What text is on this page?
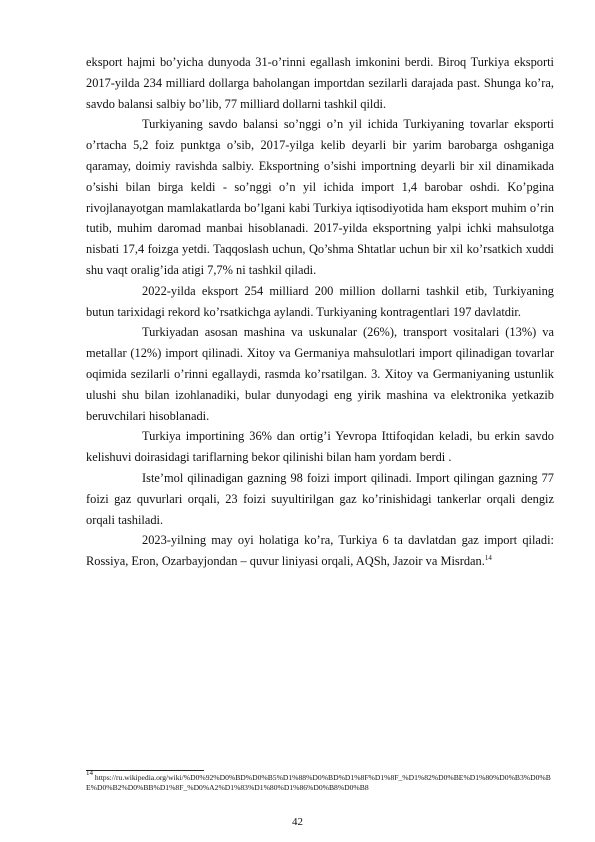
eksport hajmi bo’yicha dunyoda 31-o’rinni egallash imkonini berdi. Biroq Turkiya eksporti 2017-yilda 234 milliard dollarga baholangan importdan sezilarli darajada past. Shunga ko’ra, savdo balansi salbiy bo’lib, 77 milliard dollarni tashkil qildi.

Turkiyaning savdo balansi so’nggi o’n yil ichida Turkiyaning tovarlar eksporti o’rtacha 5,2 foiz punktga o’sib, 2017-yilga kelib deyarli bir yarim barobarga oshganiga qaramay, doimiy ravishda salbiy. Eksportning o’sishi importning deyarli bir xil dinamikada o’sishi bilan birga keldi - so’nggi o’n yil ichida import 1,4 barobar oshdi. Ko’pgina rivojlanayotgan mamlakatlarda bo’lgani kabi Turkiya iqtisodiyotida ham eksport muhim o’rin tutib, muhim daromad manbai hisoblanadi. 2017-yilda eksportning yalpi ichki mahsulotga nisbati 17,4 foizga yetdi. Taqqoslash uchun, Qo’shma Shtatlar uchun bir xil ko’rsatkich xuddi shu vaqt oralig’ida atigi 7,7% ni tashkil qiladi.

2022-yilda eksport 254 milliard 200 million dollarni tashkil etib, Turkiyaning butun tarixidagi rekord ko’rsatkichga aylandi. Turkiyaning kontragentlari 197 davlatdir.

Turkiyadan asosan mashina va uskunalar (26%), transport vositalari (13%) va metallar (12%) import qilinadi. Xitoy va Germaniya mahsulotlari import qilinadigan tovarlar oqimida sezilarli o’rinni egallaydi, rasmda ko’rsatilgan. 3. Xitoy va Germaniyaning ustunlik ulushi shu bilan izohlanadiki, bular dunyodagi eng yirik mashina va elektronika yetkazib beruvchilari hisoblanadi.

Turkiya importining 36% dan ortig’i Yevropa Ittifoqidan keladi, bu erkin savdo kelishuvi doirasidagi tariflarning bekor qilinishi bilan ham yordam berdi .

Iste’mol qilinadigan gazning 98 foizi import qilinadi. Import qilingan gazning 77 foizi gaz quvurlari orqali, 23 foizi suyultirilgan gaz ko’rinishidagi tankerlar orqali dengiz orqali tashiladi.

2023-yilning may oyi holatiga ko’ra, Turkiya 6 ta davlatdan gaz import qiladi: Rossiya, Eron, Ozarbayjondan – quvur liniyasi orqali, AQSh, Jazoir va Misrdan.$^{14}$

$^{14}$ https://ru.wikipedia.org/wiki/%D0%92%D0%BD%D0%B5%D1%88%D0%BD%D1%8F%D1%8F_%D1%82%D0%BE%D1%80%D0%B3%D0%BE%D0%B2%D0%BB%D1%8F_%D0%A2%D1%83%D1%80%D1%86%D0%B8%D0%B8
42
